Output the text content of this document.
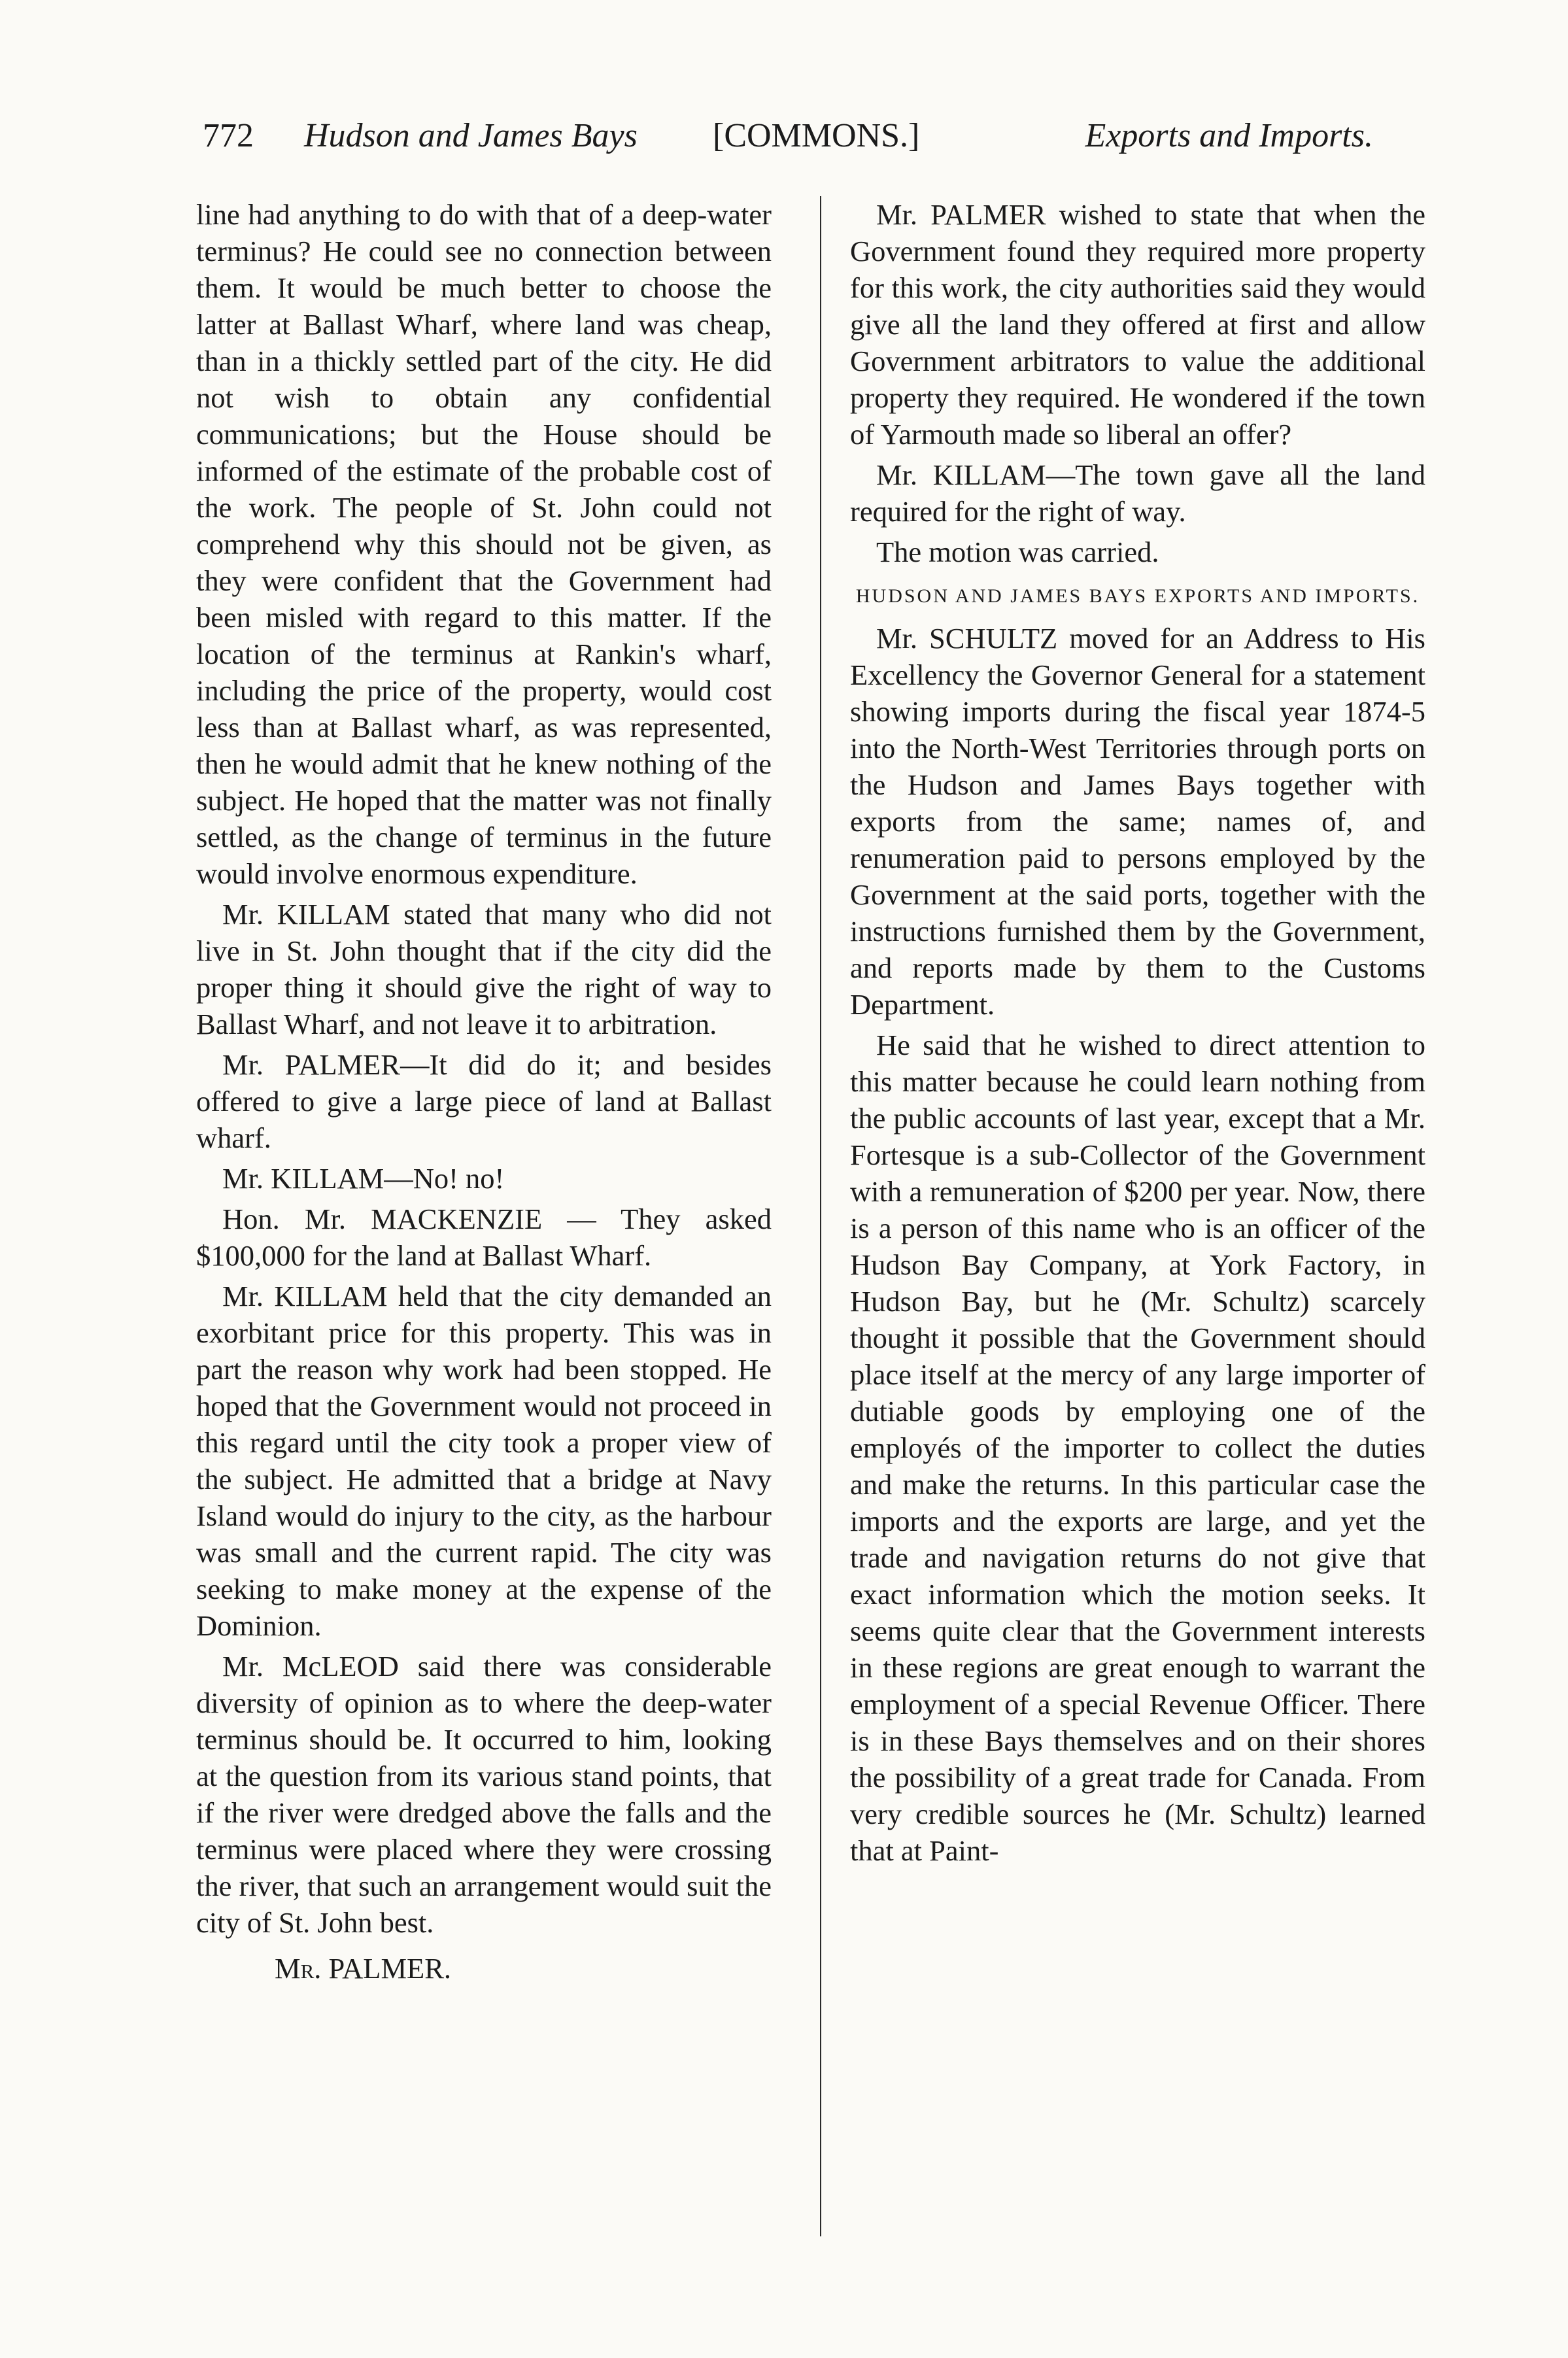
772 Hudson and James Bays [COMMONS.]	Exports and Imports.

line had anything to do with that of a deep-water terminus? He could see no connection between them. It would be much better to choose the latter at Ballast Wharf, where land was cheap, than in a thickly settled part of the city. He did not wish to obtain any confidential communications; but the House should be informed of the estimate of the probable cost of the work. The people of St. John could not comprehend why this should not be given, as they were confident that the Government had been misled with regard to this matter. If the location of the terminus at Rankin's wharf, including the price of the property, would cost less than at Ballast wharf, as was represented, then he would admit that he knew nothing of the subject. He hoped that the matter was not finally settled, as the change of terminus in the future would involve enormous expenditure.

Mr. KILLAM stated that many who did not live in St. John thought that if the city did the proper thing it should give the right of way to Ballast Wharf, and not leave it to arbitration.

Mr. PALMER—It did do it; and besides offered to give a large piece of land at Ballast wharf.

Mr. KILLAM—No! no!

Hon. Mr. MACKENZIE — They asked $100,000 for the land at Ballast Wharf.

Mr. KILLAM held that the city demanded an exorbitant price for this property. This was in part the reason why work had been stopped. He hoped that the Government would not proceed in this regard until the city took a proper view of the subject. He admitted that a bridge at Navy Island would do injury to the city, as the harbour was small and the current rapid. The city was seeking to make money at the expense of the Dominion.

Mr. McLEOD said there was considerable diversity of opinion as to where the deep-water terminus should be. It occurred to him, looking at the question from its various stand points, that if the river were dredged above the falls and the terminus were placed where they were crossing the river, that such an arrangement would suit the city of St. John best.

Mr. PALMER.

Mr. PALMER wished to state that when the Government found they required more property for this work, the city authorities said they would give all the land they offered at first and allow Government arbitrators to value the additional property they required. He wondered if the town of Yarmouth made so liberal an offer?

Mr. KILLAM—The town gave all the land required for the right of way.

The motion was carried.

HUDSON AND JAMES BAYS EXPORTS AND IMPORTS.

Mr. SCHULTZ moved for an Address to His Excellency the Governor General for a statement showing imports during the fiscal year 1874-5 into the North-West Territories through ports on the Hudson and James Bays together with exports from the same; names of, and renumeration paid to persons employed by the Government at the said ports, together with the instructions furnished them by the Government, and reports made by them to the Customs Department.

He said that he wished to direct attention to this matter because he could learn nothing from the public accounts of last year, except that a Mr. Fortesque is a sub-Collector of the Government with a remuneration of $200 per year. Now, there is a person of this name who is an officer of the Hudson Bay Company, at York Factory, in Hudson Bay, but he (Mr. Schultz) scarcely thought it possible that the Government should place itself at the mercy of any large importer of dutiable goods by employing one of the employés of the importer to collect the duties and make the returns. In this particular case the imports and the exports are large, and yet the trade and navigation returns do not give that exact information which the motion seeks. It seems quite clear that the Government interests in these regions are great enough to warrant the employment of a special Revenue Officer. There is in these Bays themselves and on their shores the possibility of a great trade for Canada. From very credible sources he (Mr. Schultz) learned that at Paint-
